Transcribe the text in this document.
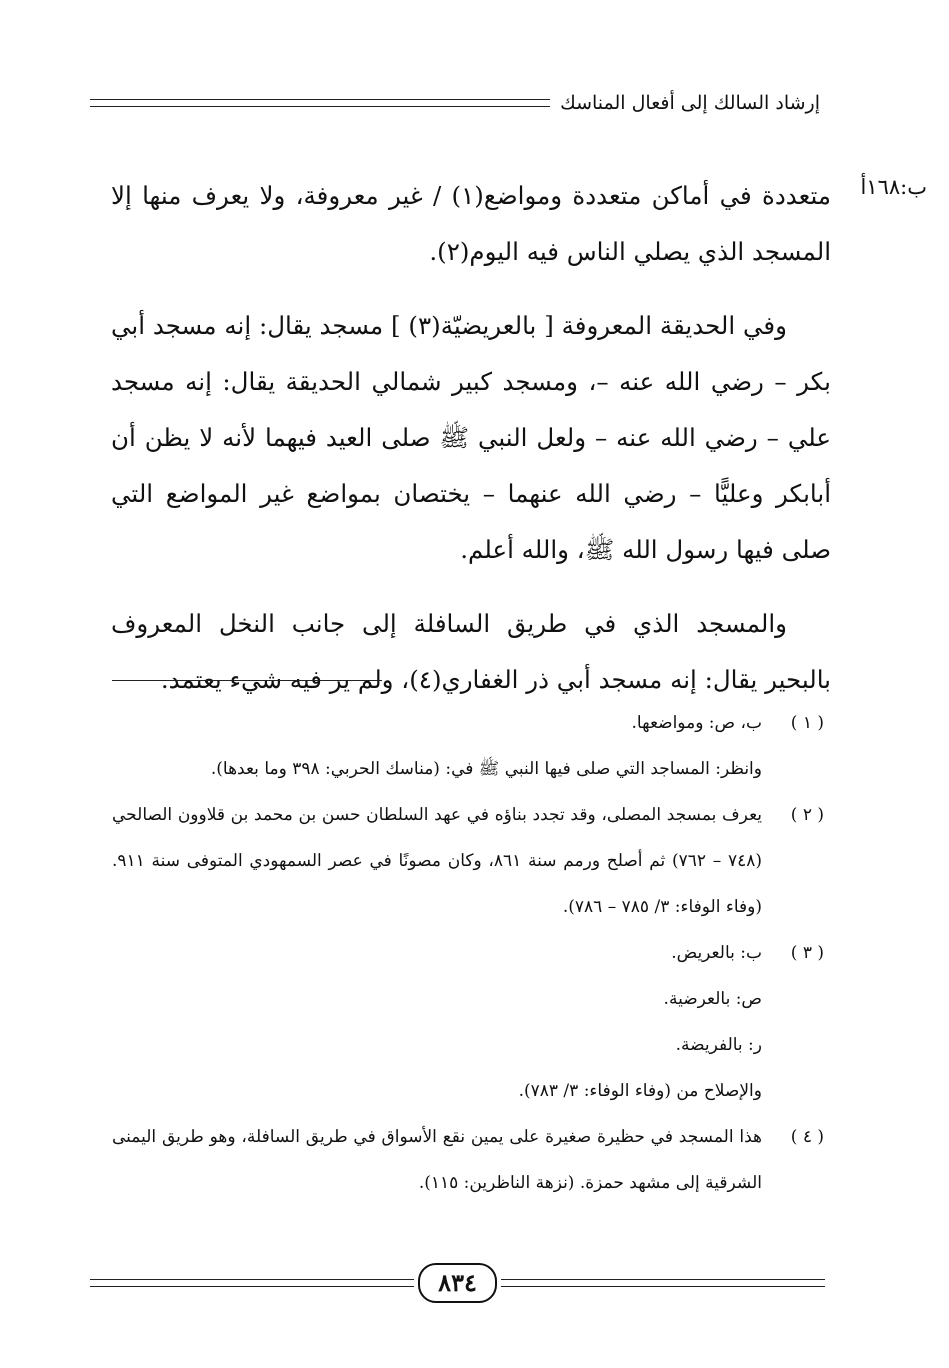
إرشاد السالك إلى أفعال المناسك
ب:١٦٨أ

متعددة في أماكن متعددة ومواضع(١) / غير معروفة، ولا يعرف منها إلا المسجد الذي يصلي الناس فيه اليوم(٢).

وفي الحديقة المعروفة [ بالعريضيّة(٣) ] مسجد يقال: إنه مسجد أبي بكر – رضي الله عنه –، ومسجد كبير شمالي الحديقة يقال: إنه مسجد علي – رضي الله عنه – ولعل النبي ﷺ صلى العيد فيهما لأنه لا يظن أن أبابكر وعليًّا – رضي الله عنهما – يختصان بمواضع غير المواضع التي صلى فيها رسول الله ﷺ، والله أعلم.

والمسجد الذي في طريق السافلة إلى جانب النخل المعروف بالبحير يقال: إنه مسجد أبي ذر الغفاري(٤)، ولم ير فيه شيء يعتمد.

( ١ )

ب، ص: ومواضعها.

وانظر: المساجد التي صلى فيها النبي ﷺ في: (مناسك الحربي: ٣٩٨ وما بعدها).

( ٢ )

يعرف بمسجد المصلى، وقد تجدد بناؤه في عهد السلطان حسن بن محمد بن قلاوون الصالحي (٧٤٨ – ٧٦٢) ثم أصلح ورمم سنة ٨٦١، وكان مصونًا في عصر السمهودي المتوفى سنة ٩١١. (وفاء الوفاء: ٣/ ٧٨٥ – ٧٨٦).

( ٣ )

ب: بالعريض.

ص: بالعرضية.

ر: بالفريضة.

والإصلاح من (وفاء الوفاء: ٣/ ٧٨٣).

( ٤ )

هذا المسجد في حظيرة صغيرة على يمين نقع الأسواق في طريق السافلة، وهو طريق اليمنى الشرقية إلى مشهد حمزة. (نزهة الناظرين: ١١٥).

٨٣٤
